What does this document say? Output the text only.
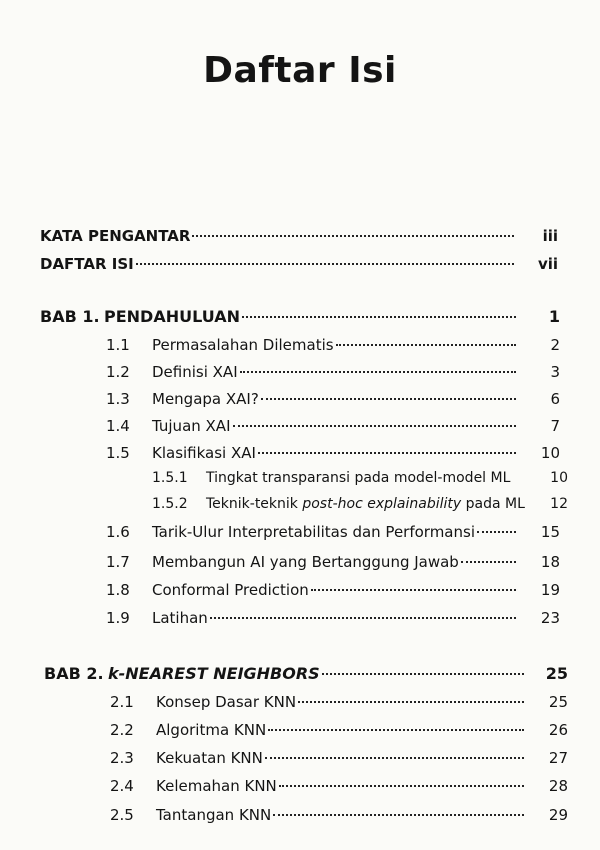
Daftar Isi
KATA PENGANTAR	iii
DAFTAR ISI	vii
BAB 1. PENDAHULUAN	1
1.1	Permasalahan Dilematis	2
1.2	Definisi XAI	3
1.3	Mengapa XAI?	6
1.4	Tujuan XAI	7
1.5	Klasifikasi XAI	10
1.5.1	Tingkat transparansi pada model-model ML	10
1.5.2	Teknik-teknik post-hoc explainability pada ML	12
1.6	Tarik-Ulur Interpretabilitas dan Performansi	15
1.7	Membangun AI yang Bertanggung Jawab	18
1.8	Conformal Prediction	19
1.9	Latihan	23
BAB 2. k-NEAREST NEIGHBORS	25
2.1	Konsep Dasar KNN	25
2.2	Algoritma KNN	26
2.3	Kekuatan KNN	27
2.4	Kelemahan KNN	28
2.5	Tantangan KNN	29
